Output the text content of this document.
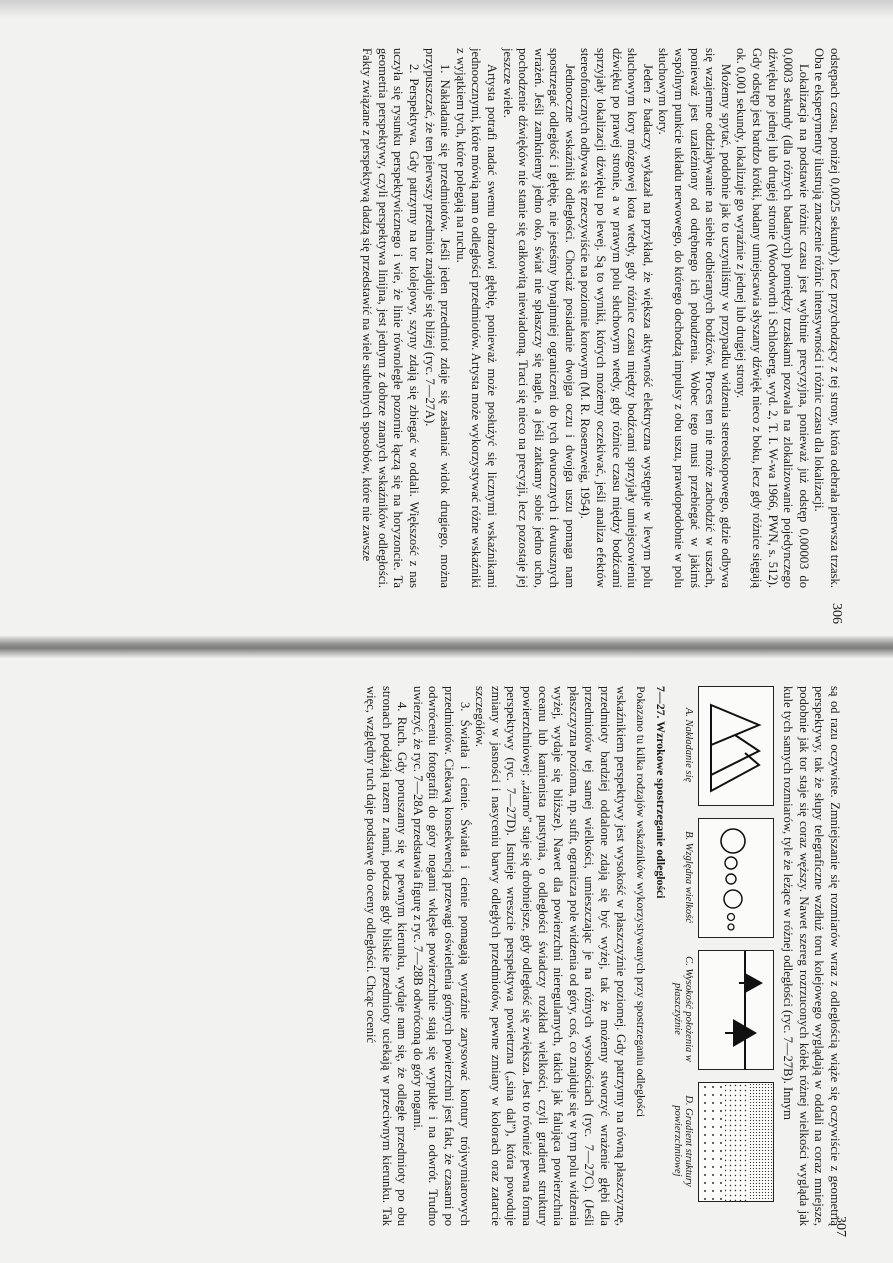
306

odstępach czasu, poniżej 0,0025 sekundy), lecz przychodzący z tej strony, która odebrała pierwsza trzask. Oba te eksperymenty ilustrują znaczenie różnic intensywności i różnic czasu dla lokalizacji.

Lokalizacja na podstawie różnic czasu jest wybitnie precyzyjna, ponieważ już odstęp 0,00003 do 0,0003 sekundy (dla różnych badanych) pomiędzy trzaskami pozwala na zlokalizowanie pojedynczego dźwięku po jednej lub drugiej stronie (Woodworth i Schlosberg, wyd. 2, T. I. W-wa 1966, PWN, s. 512). Gdy odstęp jest bardzo krótki, badany umiejscawia słyszany dźwięk nieco z boku, lecz gdy różnice sięgają ok. 0,001 sekundy, lokalizuje go wyraźnie z jednej lub drugiej strony.

Możemy spytać, podobnie jak to uczyniliśmy w przypadku widzenia stereoskopowego, gdzie odbywa się wzajemne oddziaływanie na siebie odbieranych bodźców. Proces ten nie może zachodzić w uszach, ponieważ jest uzależniony od odrębnego ich pobudzenia. Wobec tego musi przebiegać w jakimś wspólnym punkcie układu nerwowego, do którego dochodzą impulsy z obu uszu, prawdopodobnie w polu słuchowym kory.

Jeden z badaczy wykazał na przykład, że większa aktywność elektryczna występuje w lewym polu słuchowym kory mózgowej kota wtedy, gdy różnice czasu między bodźcami sprzyjały umiejscowieniu dźwięku po prawej stronie, a w prawym polu słuchowym wtedy, gdy różnice czasu między bodźcami sprzyjały lokalizacji dźwięku po lewej. Są to wyniki, których możemy oczekiwać, jeśli analiza efektów stereofonicznych odbywa się rzeczywiście na poziomie korowym (M. R. Rosenzweig, 1954).

Jednooczne wskaźniki odległości. Chociaż posiadanie dwojga oczu i dwojga uszu pomaga nam spostrzegać odległość i głębię, nie jesteśmy bynajmniej ograniczeni do tych dwuocznych i dwuusznych wrażeń. Jeśli zamkniemy jedno oko, świat nie spłaszczy się nagle, a jeśli zatkamy sobie jedno ucho, pochodzenie dźwięków nie stanie się całkowitą niewiadomą. Traci się nieco na precyzji, lecz pozostaje jej jeszcze wiele.

Artysta potrafi nadać swemu obrazowi głębię, ponieważ może posłużyć się licznymi wskaźnikami jednoocznymi, które mówią nam o odległości przedmiotów. Artysta może wykorzystywać różne wskaźniki z wyjątkiem tych, które polegają na ruchu.

1. Nakładanie się przedmiotów. Jeśli jeden przedmiot zdaje się zasłaniać widok drugiego, można przypuszczać, że ten pierwszy przedmiot znajduje się bliżej (ryc. 7—27A).

2. Perspektywa. Gdy patrzymy na tor kolejowy, szyny zdają się zbiegać w oddali. Większość z nas uczyła się rysunku perspektywicznego i wie, że linie równoległe pozornie łączą się na horyzoncie. Ta geometria perspektywy, czyli perspektywa linijna, jest jednym z dobrze znanych wskaźników odległości. Fakty związane z perspektywą dadzą się przedstawić na wiele subtelnych sposobów, które nie zawsze

307

są od razu oczywiste. Zmniejszanie się rozmiarów wraz z odległością wiąże się oczywiście z geometrią perspektywy, tak że słupy telegraficzne wzdłuż toru kolejowego wyglądają w oddali na coraz mniejsze, podobnie jak tor staje się coraz węższy. Nawet szereg rozrzuconych kółek różnej wielkości wygląda jak kule tych samych rozmiarów, tyle że leżące w różnej odległości (ryc. 7—27B). Innym

A. Nakładanie się
B. Względna wielkość
C. Wysokość położenia w płaszczyźnie
D. Gradient struktury powierzchniowej

7—27. Wzrokowe spostrzeganie odległości

Pokazano tu kilka rodzajów wskaźników wykorzystywanych przy spostrzeganiu odległości

wskaźnikiem perspektywy jest wysokość w płaszczyźnie poziomej. Gdy patrzymy na równą płaszczyznę, przedmioty bardziej oddalone zdają się być wyżej, tak że możemy stworzyć wrażenie głębi dla przedmiotów tej samej wielkości, umieszczając je na różnych wysokościach (ryc. 7—27C). (Jeśli płaszczyzna pozioma, np. sufit, ogranicza pole widzenia od góry, coś, co znajduje się w tym polu widzenia wyżej, wydaje się bliższe). Nawet dla powierzchni nieregularnych, takich jak falująca powierzchnia oceanu lub kamienista pustynia, o odległości świadczy rozkład wielkości, czyli gradient struktury powierzchniowej: „ziarno” staje się drobniejsze, gdy odległość się zwiększa. Jest to również pewna forma perspektywy (ryc. 7—27D). Istnieje wreszcie perspektywa powietrzna („sina dal”), która powoduje zmiany w jasności i nasyceniu barwy odległych przedmiotów, pewne zmiany w kolorach oraz zatarcie szczegółów.

3. Światła i cienie. Światła i cienie pomagają wyraźnie zarysować kontury trójwymiarowych przedmiotów. Ciekawą konsekwencją przewagi oświetlenia górnych powierzchni jest fakt, że czasami po odwróceniu fotografii do góry nogami wklęsłe powierzchnie stają się wypukłe i na odwrót. Trudno uwierzyć, że ryc. 7—28A przedstawia figurę z ryc. 7—28B odwróconą do góry nogami.

4. Ruch. Gdy poruszamy się w pewnym kierunku, wydaje nam się, że odległe przedmioty po obu stronach podążają razem z nami, podczas gdy bliskie przedmioty uciekają w przeciwnym kierunku. Tak więc, względny ruch daje podstawę do oceny odległości. Chcąc ocenić
